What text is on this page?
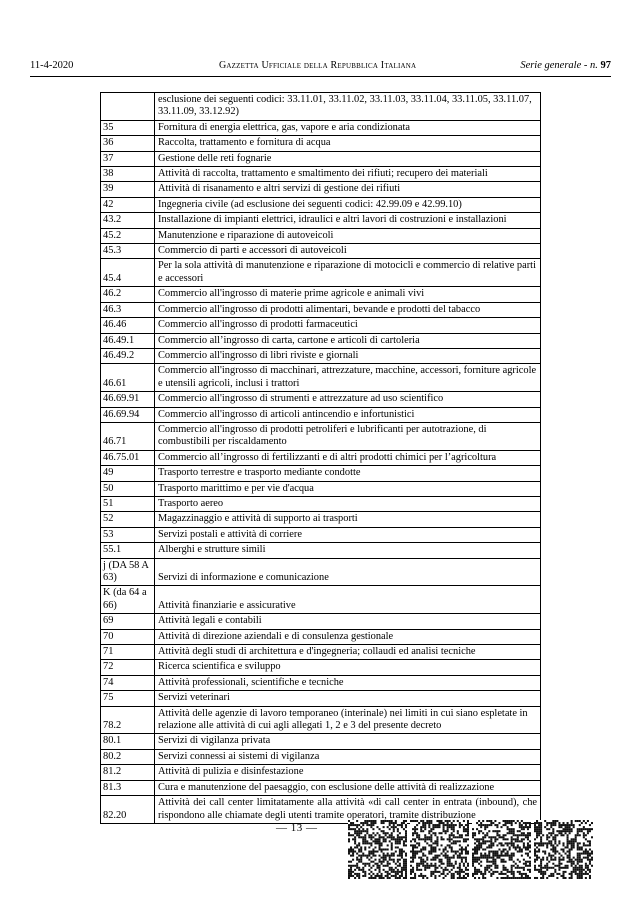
11-4-2020	Gazzetta Ufficiale della Repubblica Italiana	Serie generale - n. 97
	esclusione dei seguenti codici: 33.11.01, 33.11.02, 33.11.03, 33.11.04, 33.11.05, 33.11.07, 33.11.09, 33.12.92)
35	Fornitura di energia elettrica, gas, vapore e aria condizionata
36	Raccolta, trattamento e fornitura di acqua
37	Gestione delle reti fognarie
38	Attività di raccolta, trattamento e smaltimento dei rifiuti; recupero dei materiali
39	Attività di risanamento e altri servizi di gestione dei rifiuti
42	Ingegneria civile (ad esclusione dei seguenti codici: 42.99.09 e 42.99.10)
43.2	Installazione di impianti elettrici, idraulici e altri lavori di costruzioni e installazioni
45.2	Manutenzione e riparazione di autoveicoli
45.3	Commercio di parti e accessori di autoveicoli
45.4	Per la sola attività di manutenzione e riparazione di motocicli e commercio di relative parti e accessori
46.2	Commercio all'ingrosso di materie prime agricole e animali vivi
46.3	Commercio all'ingrosso di prodotti alimentari, bevande e prodotti del tabacco
46.46	Commercio all'ingrosso di prodotti farmaceutici
46.49.1	Commercio all’ingrosso di carta, cartone e articoli di cartoleria
46.49.2	Commercio all'ingrosso di libri riviste e giornali
46.61	Commercio all'ingrosso di macchinari, attrezzature, macchine, accessori, forniture agricole e utensili agricoli, inclusi i trattori
46.69.91	Commercio all'ingrosso di strumenti e attrezzature ad uso scientifico
46.69.94	Commercio all'ingrosso di articoli antincendio e infortunistici
46.71	Commercio all'ingrosso di prodotti petroliferi e lubrificanti per autotrazione, di combustibili per riscaldamento
46.75.01	Commercio all’ingrosso di fertilizzanti e di altri prodotti chimici per l’agricoltura
49	Trasporto terrestre e trasporto mediante condotte
50	Trasporto marittimo e per vie d'acqua
51	Trasporto aereo
52	Magazzinaggio e attività di supporto ai trasporti
53	Servizi postali e attività di corriere
55.1	Alberghi e strutture simili
j (DA 58 A 63)	Servizi di informazione e comunicazione
K (da 64 a 66)	Attività finanziarie e assicurative
69	Attività legali e contabili
70	Attività di direzione aziendali e di consulenza gestionale
71	Attività degli studi di architettura e d'ingegneria; collaudi ed analisi tecniche
72	Ricerca scientifica e sviluppo
74	Attività professionali, scientifiche e tecniche
75	Servizi veterinari
78.2	Attività delle agenzie di lavoro temporaneo (interinale) nei limiti in cui siano espletate in relazione alle attività di cui agli allegati 1, 2 e 3 del presente decreto
80.1	Servizi di vigilanza privata
80.2	Servizi connessi ai sistemi di vigilanza
81.2	Attività di pulizia e disinfestazione
81.3	Cura e manutenzione del paesaggio, con esclusione delle attività di realizzazione
82.20	Attività dei call center limitatamente alla attività «di call center in entrata (inbound), che rispondono alle chiamate degli utenti tramite operatori, tramite distribuzione
— 13 —
